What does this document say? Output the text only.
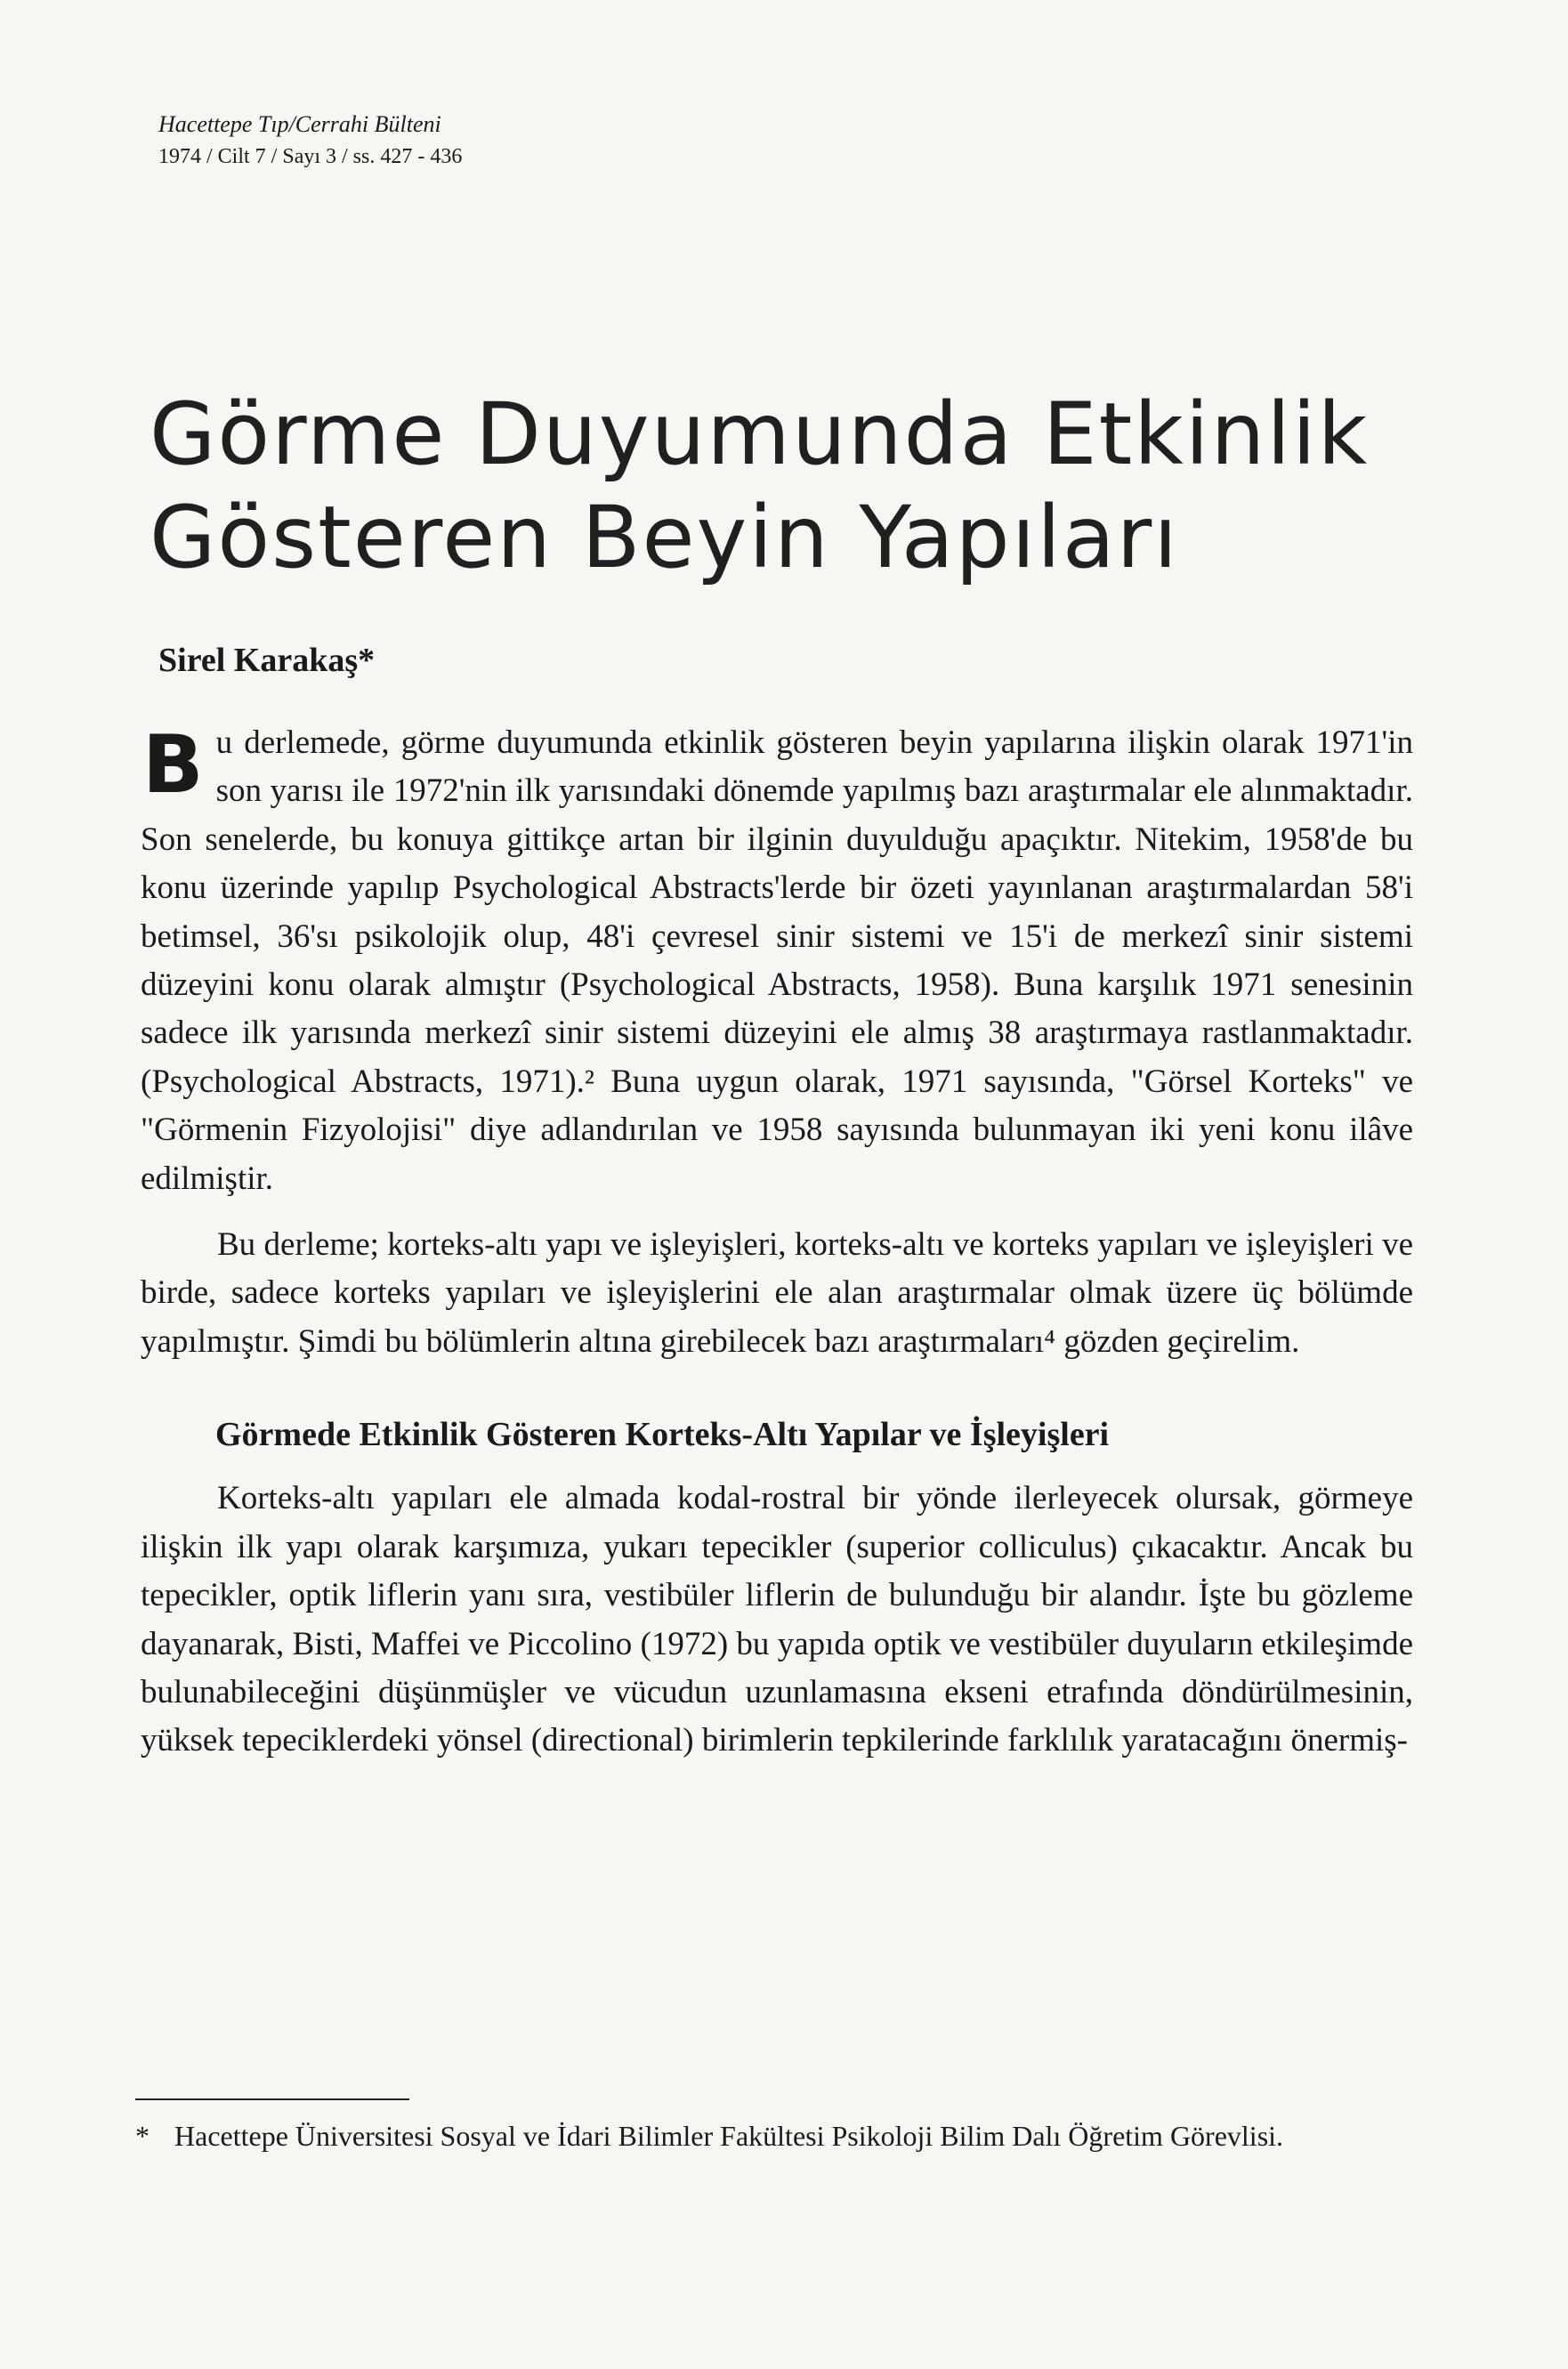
Hacettepe Tıp/Cerrahi Bülteni
1974 / Cilt 7 / Sayı 3 / ss. 427 - 436
Görme Duyumunda Etkinlik
Gösteren Beyin Yapıları
Sirel Karakaş*

Bu derlemede, görme duyumunda etkinlik gösteren beyin yapılarına ilişkin olarak 1971'in son yarısı ile 1972'nin ilk yarısındaki dönemde yapılmış bazı araştırmalar ele alınmaktadır. Son senelerde, bu konuya gittikçe artan bir ilginin duyulduğu apaçıktır. Nitekim, 1958'de bu konu üzerinde yapılıp Psychological Abstracts'lerde bir özeti yayınlanan araştırmalardan 58'i betimsel, 36'sı psikolojik olup, 48'i çevresel sinir sistemi ve 15'i de merkezî sinir sistemi düzeyini konu olarak almıştır (Psychological Abstracts, 1958). Buna karşılık 1971 senesinin sadece ilk yarısında merkezî sinir sistemi düzeyini ele almış 38 araştırmaya rastlanmaktadır. (Psychological Abstracts, 1971).² Buna uygun olarak, 1971 sayısında, "Görsel Korteks" ve "Görmenin Fizyolojisi" diye adlandırılan ve 1958 sayısında bulunmayan iki yeni konu ilâve edilmiştir.

Bu derleme; korteks-altı yapı ve işleyişleri, korteks-altı ve korteks yapıları ve işleyişleri ve birde, sadece korteks yapıları ve işleyişlerini ele alan araştırmalar olmak üzere üç bölümde yapılmıştır. Şimdi bu bölümlerin altına girebilecek bazı araştırmaları⁴ gözden geçirelim.

Görmede Etkinlik Gösteren Korteks-Altı Yapılar ve İşleyişleri

Korteks-altı yapıları ele almada kodal-rostral bir yönde ilerleyecek olursak, görmeye ilişkin ilk yapı olarak karşımıza, yukarı tepecikler (superior colliculus) çıkacaktır. Ancak bu tepecikler, optik liflerin yanı sıra, vestibüler liflerin de bulunduğu bir alandır. İşte bu gözleme dayanarak, Bisti, Maffei ve Piccolino (1972) bu yapıda optik ve vestibüler duyuların etkileşimde bulunabileceğini düşünmüşler ve vücudun uzunlamasına ekseni etrafında döndürülmesinin, yüksek tepeciklerdeki yönsel (directional) birimlerin tepkilerinde farklılık yaratacağını önermiş-

* Hacettepe Üniversitesi Sosyal ve İdari Bilimler Fakültesi Psikoloji Bilim Dalı Öğretim Görevlisi.
